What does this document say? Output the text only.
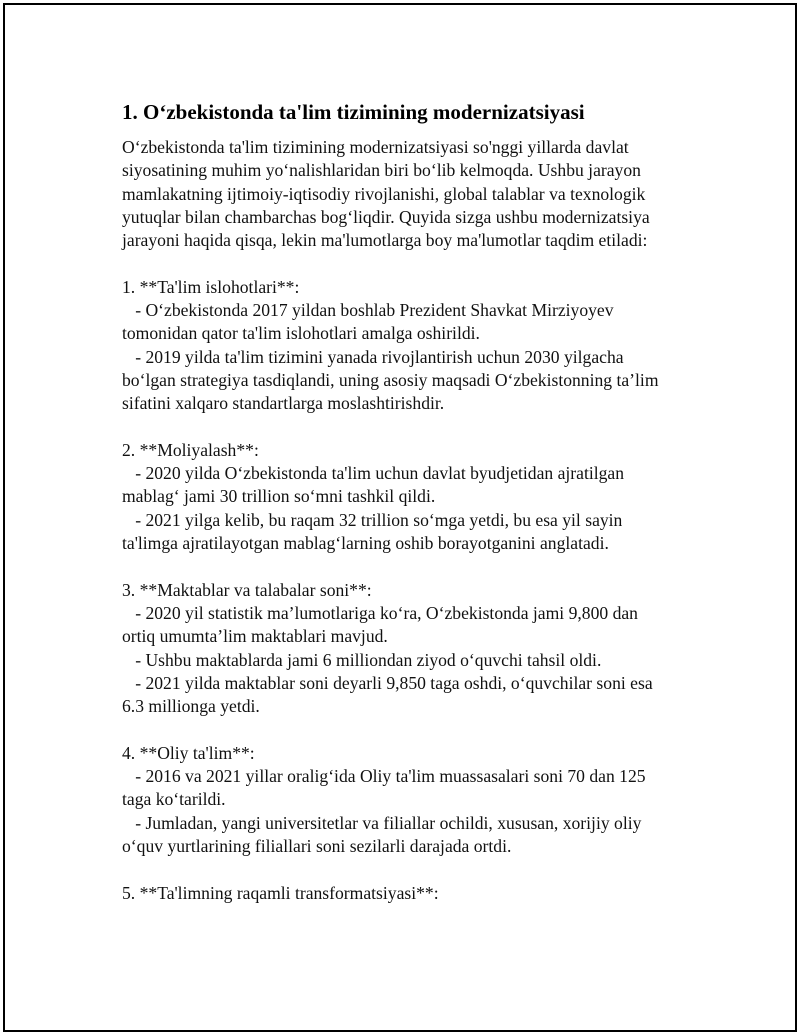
1. O‘zbekistonda ta'lim tizimining modernizatsiyasi
O‘zbekistonda ta'lim tizimining modernizatsiyasi so'nggi yillarda davlat
siyosatining muhim yo‘nalishlaridan biri bo‘lib kelmoqda. Ushbu jarayon
mamlakatning ijtimoiy-iqtisodiy rivojlanishi, global talablar va texnologik
yutuqlar bilan chambarchas bog‘liqdir. Quyida sizga ushbu modernizatsiya
jarayoni haqida qisqa, lekin ma'lumotlarga boy ma'lumotlar taqdim etiladi:
1. **Ta'lim islohotlari**:
- O‘zbekistonda 2017 yildan boshlab Prezident Shavkat Mirziyoyev
tomonidan qator ta'lim islohotlari amalga oshirildi.
- 2019 yilda ta'lim tizimini yanada rivojlantirish uchun 2030 yilgacha
bo‘lgan strategiya tasdiqlandi, uning asosiy maqsadi O‘zbekistonning ta’lim
sifatini xalqaro standartlarga moslashtirishdir.
2. **Moliyalash**:
- 2020 yilda O‘zbekistonda ta'lim uchun davlat byudjetidan ajratilgan
mablag‘ jami 30 trillion so‘mni tashkil qildi.
- 2021 yilga kelib, bu raqam 32 trillion so‘mga yetdi, bu esa yil sayin
ta'limga ajratilayotgan mablag‘larning oshib borayotganini anglatadi.
3. **Maktablar va talabalar soni**:
- 2020 yil statistik ma’lumotlariga ko‘ra, O‘zbekistonda jami 9,800 dan
ortiq umumta’lim maktablari mavjud.
- Ushbu maktablarda jami 6 milliondan ziyod o‘quvchi tahsil oldi.
- 2021 yilda maktablar soni deyarli 9,850 taga oshdi, o‘quvchilar soni esa
6.3 millionga yetdi.
4. **Oliy ta'lim**:
- 2016 va 2021 yillar oralig‘ida Oliy ta'lim muassasalari soni 70 dan 125
taga ko‘tarildi.
- Jumladan, yangi universitetlar va filiallar ochildi, xususan, xorijiy oliy
o‘quv yurtlarining filiallari soni sezilarli darajada ortdi.
5. **Ta'limning raqamli transformatsiyasi**:
